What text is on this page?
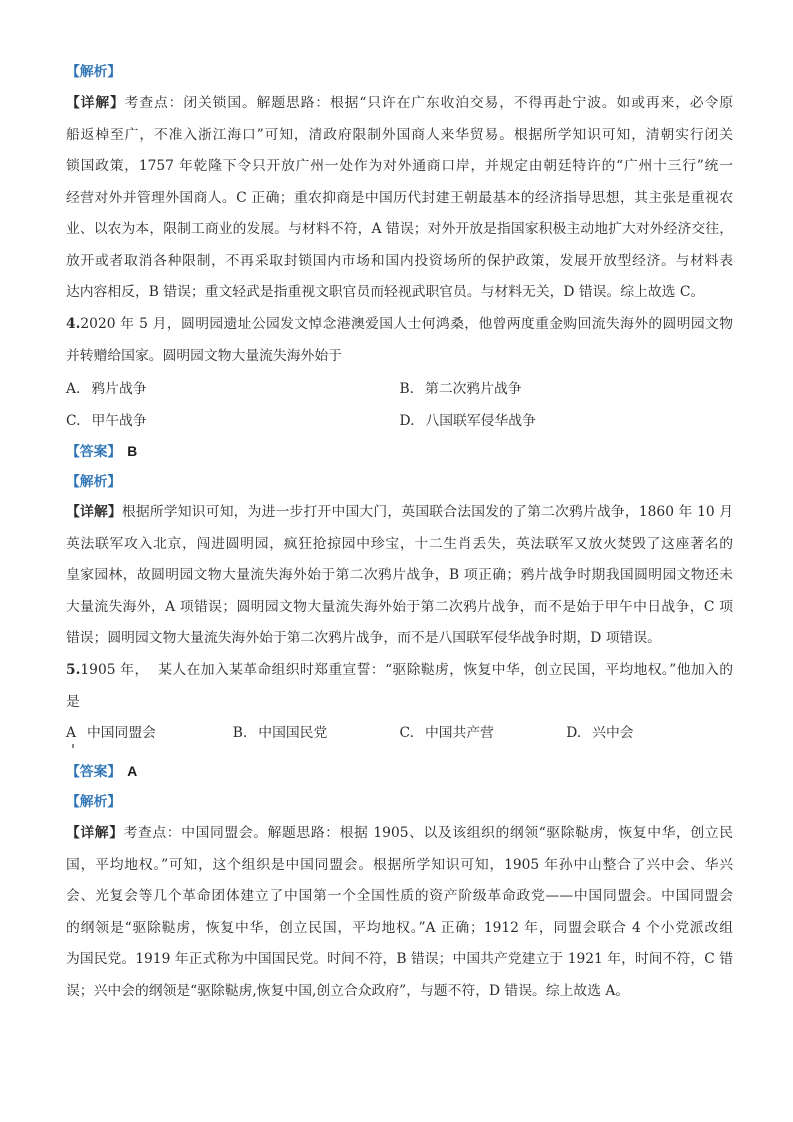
【解析】
【详解】考查点：闭关锁国。解题思路：根据“只许在广东收泊交易，不得再赴宁波。如或再来，必令原
船返棹至广，不准入浙江海口”可知，清政府限制外国商人来华贸易。根据所学知识可知，清朝实行闭关
锁国政策，1757 年乾隆下令只开放广州一处作为对外通商口岸，并规定由朝廷特许的“广州十三行”统一
经营对外并管理外国商人。C 正确；重农抑商是中国历代封建王朝最基本的经济指导思想，其主张是重视农
业、以农为本，限制工商业的发展。与材料不符，A 错误；对外开放是指国家积极主动地扩大对外经济交往，
放开或者取消各种限制，不再采取封锁国内市场和国内投资场所的保护政策，发展开放型经济。与材料表
达内容相反，B 错误；重文轻武是指重视文职官员而轻视武职官员。与材料无关，D 错误。综上故选 C。
4.2020 年 5 月，圆明园遗址公园发文悼念港澳爱国人士何鸿桑，他曾两度重金购回流失海外的圆明园文物
并转赠给国家。圆明园文物大量流失海外始于
A. 鸦片战争	B. 第二次鸦片战争
C. 甲午战争	D. 八国联军侵华战争
【答案】 B
【解析】
【详解】根据所学知识可知，为进一步打开中国大门，英国联合法国发的了第二次鸦片战争，1860 年 10 月
英法联军攻入北京，闯进圆明园，疯狂抢掠园中珍宝，十二生肖丢失，英法联军又放火焚毁了这座著名的
皇家园林，故圆明园文物大量流失海外始于第二次鸦片战争，B 项正确；鸦片战争时期我国圆明园文物还未
大量流失海外，A 项错误；圆明园文物大量流失海外始于第二次鸦片战争，而不是始于甲午中日战争，C 项
错误；圆明园文物大量流失海外始于第二次鸦片战争，而不是八国联军侵华战争时期，D 项错误。
5.1905 年，  某人在加入某革命组织时郑重宣誓：“驱除鞑虏，恢复中华，创立民国，平均地权。”他加入的
是
A 中国同盟会	B. 中国国民党	C. 中国共产营	D. 兴中会
【答案】 A
【解析】
【详解】考查点：中国同盟会。解题思路：根据 1905、以及该组织的纲领“驱除鞑虏，恢复中华，创立民
国，平均地权。”可知，这个组织是中国同盟会。根据所学知识可知，1905 年孙中山整合了兴中会、华兴
会、光复会等几个革命团体建立了中国第一个全国性质的资产阶级革命政党——中国同盟会。中国同盟会
的纲领是“驱除鞑虏，恢复中华，创立民国，平均地权。”A 正确；1912 年，同盟会联合 4 个小党派改组
为国民党。1919 年正式称为中国国民党。时间不符，B 错误；中国共产党建立于 1921 年，时间不符，C 错
误；兴中会的纲领是“驱除鞑虏,恢复中国,创立合众政府”，与题不符，D 错误。综上故选 A。
